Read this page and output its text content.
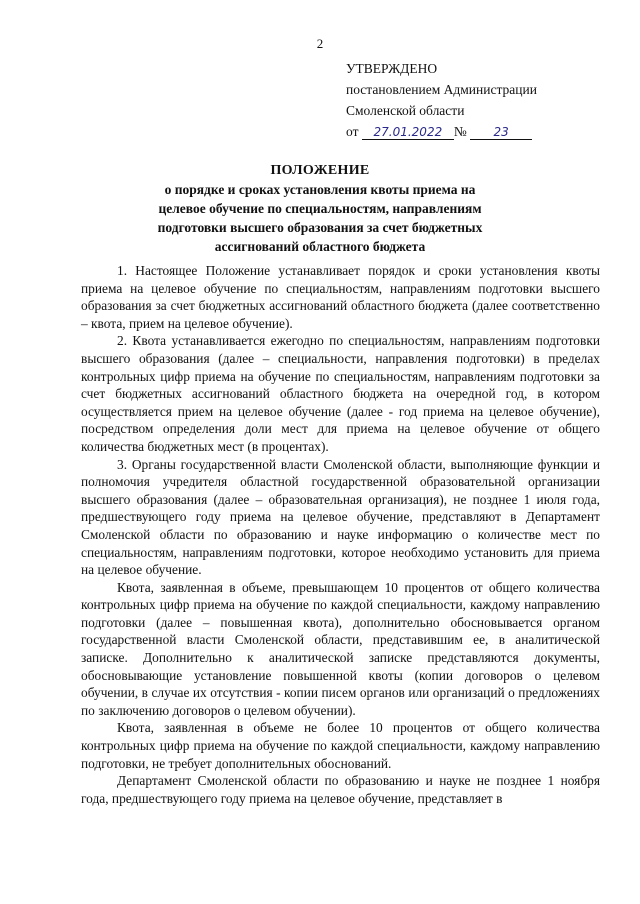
2
УТВЕРЖДЕНО
постановлением Администрации
Смоленской области
от 27.01.2022 № 23
ПОЛОЖЕНИЕ
о порядке и сроках установления квоты приема на
целевое обучение по специальностям, направлениям
подготовки высшего образования за счет бюджетных
ассигнований областного бюджета

1. Настоящее Положение устанавливает порядок и сроки установления квоты приема на целевое обучение по специальностям, направлениям подготовки высшего образования за счет бюджетных ассигнований областного бюджета (далее соответственно – квота, прием на целевое обучение).

2. Квота устанавливается ежегодно по специальностям, направлениям подготовки высшего образования (далее – специальности, направления подготовки) в пределах контрольных цифр приема на обучение по специальностям, направлениям подготовки за счет бюджетных ассигнований областного бюджета на очередной год, в котором осуществляется прием на целевое обучение (далее - год приема на целевое обучение), посредством определения доли мест для приема на целевое обучение от общего количества бюджетных мест (в процентах).

3. Органы государственной власти Смоленской области, выполняющие функции и полномочия учредителя областной государственной образовательной организации высшего образования (далее – образовательная организация), не позднее 1 июля года, предшествующего году приема на целевое обучение, представляют в Департамент Смоленской области по образованию и науке информацию о количестве мест по специальностям, направлениям подготовки, которое необходимо установить для приема на целевое обучение.

Квота, заявленная в объеме, превышающем 10 процентов от общего количества контрольных цифр приема на обучение по каждой специальности, каждому направлению подготовки (далее – повышенная квота), дополнительно обосновывается органом государственной власти Смоленской области, представившим ее, в аналитической записке. Дополнительно к аналитической записке представляются документы, обосновывающие установление повышенной квоты (копии договоров о целевом обучении, в случае их отсутствия - копии писем органов или организаций о предложениях по заключению договоров о целевом обучении).

Квота, заявленная в объеме не более 10 процентов от общего количества контрольных цифр приема на обучение по каждой специальности, каждому направлению подготовки, не требует дополнительных обоснований.

Департамент Смоленской области по образованию и науке не позднее 1 ноября года, предшествующего году приема на целевое обучение, представляет в
